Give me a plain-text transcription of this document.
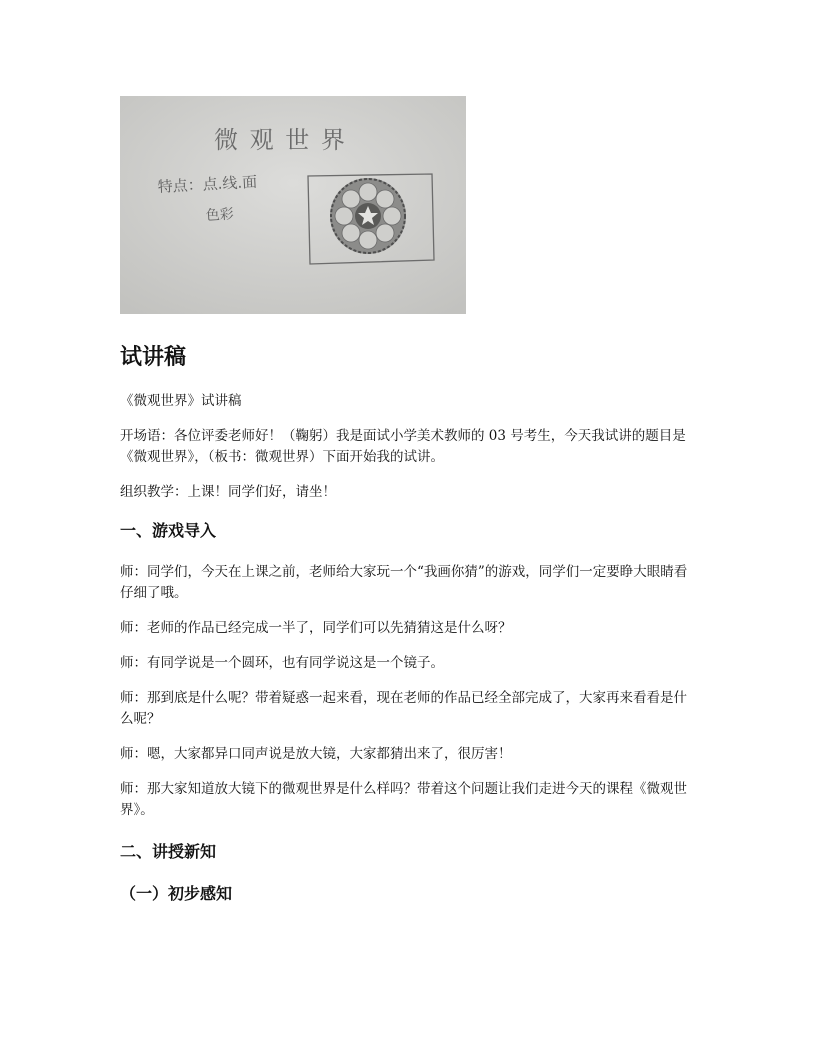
微 观 世 界
特点：点.线.面
色彩
试讲稿

《微观世界》试讲稿

开场语：各位评委老师好！（鞠躬）我是面试小学美术教师的 03 号考生，今天我试讲的题目是《微观世界》，（板书：微观世界）下面开始我的试讲。

组织教学：上课！同学们好，请坐！

一、游戏导入

师：同学们，今天在上课之前，老师给大家玩一个“我画你猜”的游戏，同学们一定要睁大眼睛看仔细了哦。

师：老师的作品已经完成一半了，同学们可以先猜猜这是什么呀？

师：有同学说是一个圆环，也有同学说这是一个镜子。

师：那到底是什么呢？带着疑惑一起来看，现在老师的作品已经全部完成了，大家再来看看是什么呢？

师：嗯，大家都异口同声说是放大镜，大家都猜出来了，很厉害！

师：那大家知道放大镜下的微观世界是什么样吗？带着这个问题让我们走进今天的课程《微观世界》。

二、讲授新知
（一）初步感知
